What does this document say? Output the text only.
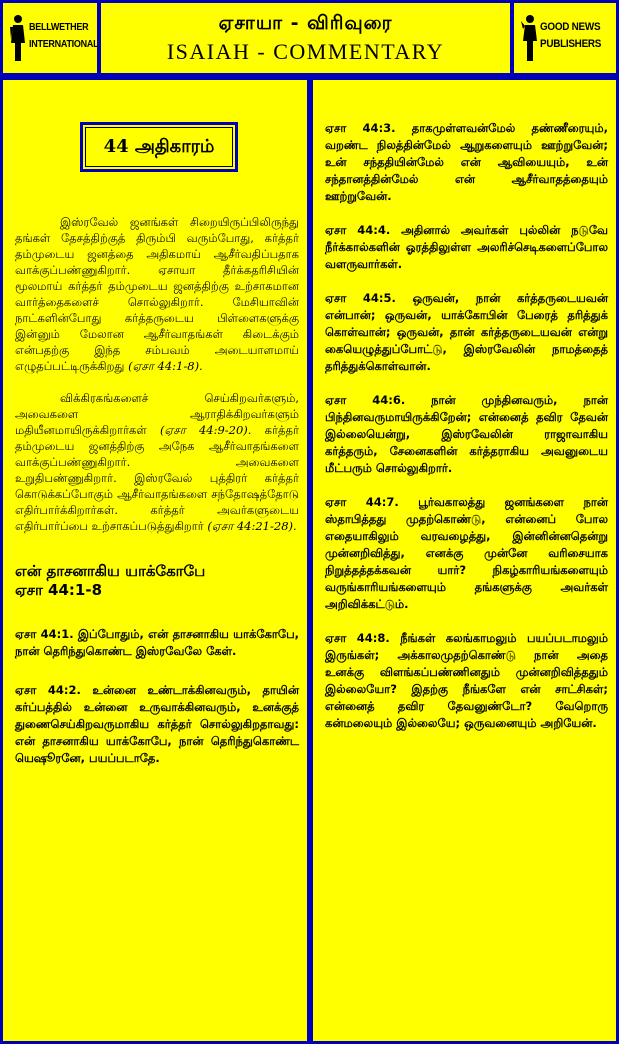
BELLWETHER
INTERNATIONAL
ஏசாயா - விரிவுரை
ISAIAH - COMMENTARY
GOOD NEWS
PUBLISHERS
44 அதிகாரம்

இஸ்ரவேல் ஜனங்கள் சிறையிருப்பிலிருந்து தங்கள் தேசத்திற்குத் திரும்பி வரும்போது, கர்த்தர் தம்முடைய ஜனத்தை அதிகமாய் ஆசீர்வதிப்பதாக வாக்குப்பண்ணுகிறார். ஏசாயா தீர்க்கதரிசியின் மூலமாய் கர்த்தர் தம்முடைய ஜனத்திற்கு உற்சாகமான வார்த்தைகளைச் சொல்லுகிறார். மேசியாவின் நாட்களின்போது கர்த்தருடைய பிள்ளைகளுக்கு இன்னும் மேலான ஆசீர்வாதங்கள் கிடைக்கும் என்பதற்கு இந்த சம்பவம் அடையாளமாய் எழுதப்பட்டிருக்கிறது (ஏசா 44:1-8).

விக்கிரகங்களைச் செய்கிறவர்களும், அவைகளை ஆராதிக்கிறவர்களும் மதியீனமாயிருக்கிறார்கள் (ஏசா 44:9-20). கர்த்தர் தம்முடைய ஜனத்திற்கு அநேக ஆசீர்வாதங்களை வாக்குப்பண்ணுகிறார். அவைகளை உறுதிபண்ணுகிறார். இஸ்ரவேல் புத்திரர் கர்த்தர் கொடுக்கப்போகும் ஆசீர்வாதங்களை சந்தோஷத்தோடு எதிர்பார்க்கிறார்கள். கர்த்தர் அவர்களுடைய எதிர்பார்ப்பை உற்சாகப்படுத்துகிறார் (ஏசா 44:21-28).

என் தாசனாகிய யாக்கோபே
ஏசா 44:1-8

ஏசா 44:1. இப்போதும், என் தாசனாகிய யாக்கோபே, நான் தெரிந்துகொண்ட இஸ்ரவேலே கேள்.

ஏசா 44:2. உன்னை உண்டாக்கினவரும், தாயின் கர்ப்பத்தில் உன்னை உருவாக்கினவரும், உனக்குத் துணைசெய்கிறவருமாகிய கர்த்தர் சொல்லுகிறதாவது: என் தாசனாகிய யாக்கோபே, நான் தெரிந்துகொண்ட யெஷூரனே, பயப்படாதே.

ஏசா 44:3. தாகமுள்ளவன்மேல் தண்ணீரையும், வறண்ட நிலத்தின்மேல் ஆறுகளையும் ஊற்றுவேன்; உன் சந்ததியின்மேல் என் ஆவியையும், உன் சந்தானத்தின்மேல் என் ஆசீர்வாதத்தையும் ஊற்றுவேன்.

ஏசா 44:4. அதினால் அவர்கள் புல்லின் நடுவே நீர்க்கால்களின் ஓரத்திலுள்ள அலரிச்செடிகளைப்போல வளருவார்கள்.

ஏசா 44:5. ஒருவன், நான் கர்த்தருடையவன் என்பான்; ஒருவன், யாக்கோபின் பேரைத் தரித்துக் கொள்வான்; ஒருவன், தான் கர்த்தருடையவன் என்று கையெழுத்துப்போட்டு, இஸ்ரவேலின் நாமத்தைத் தரித்துக்கொள்வான்.

ஏசா 44:6. நான் முந்தினவரும், நான் பிந்தினவருமாயிருக்கிறேன்; என்னைத் தவிர தேவன் இல்லையென்று, இஸ்ரவேலின் ராஜாவாகிய கர்த்தரும், சேனைகளின் கர்த்தராகிய அவனுடைய மீட்பரும் சொல்லுகிறார்.

ஏசா 44:7. பூர்வகாலத்து ஜனங்களை நான் ஸ்தாபித்தது முதற்கொண்டு, என்னைப் போல எதையாகிலும் வரவழைத்து, இன்னின்னதென்று முன்னறிவித்து, எனக்கு முன்னே வரிசையாக நிறுத்தத்தக்கவன் யார்? நிகழ்காரியங்களையும் வருங்காரியங்களையும் தங்களுக்கு அவர்கள் அறிவிக்கட்டும்.

ஏசா 44:8. நீங்கள் கலங்காமலும் பயப்படாமலும் இருங்கள்; அக்காலமுதற்கொண்டு நான் அதை உனக்கு விளங்கப்பண்ணினதும் முன்னறிவித்ததும் இல்லையோ? இதற்கு நீங்களே என் சாட்சிகள்; என்னைத் தவிர தேவனுண்டோ? வேறொரு கன்மலையும் இல்லையே; ஒருவனையும் அறியேன்.
